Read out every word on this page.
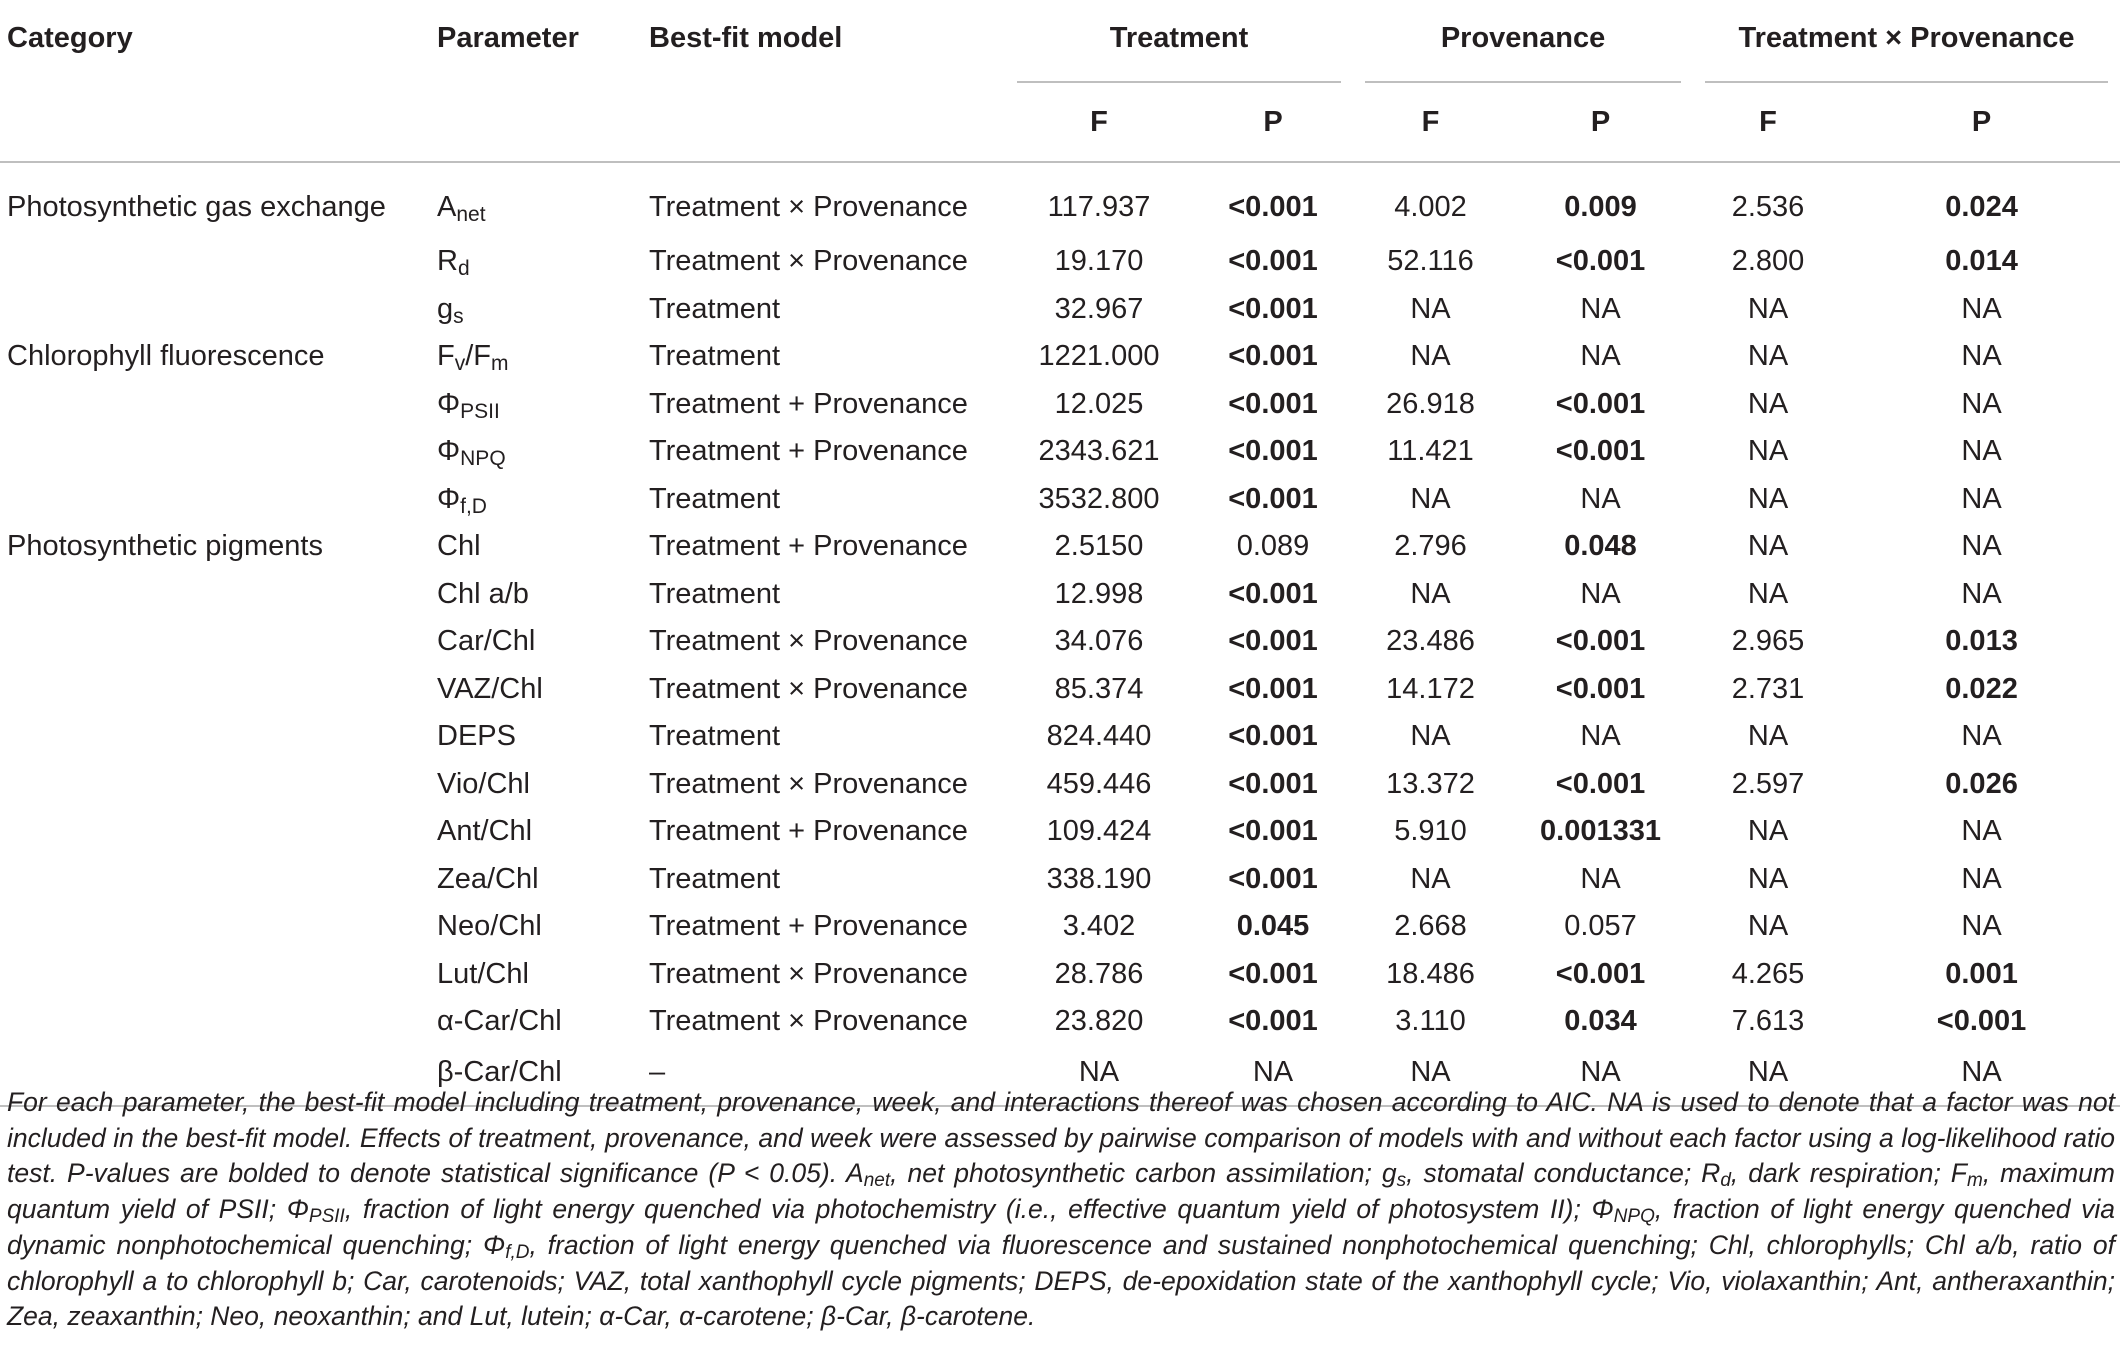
Category	Parameter	Best-fit model	Treatment		Provenance		Treatment × Provenance	

			F	P	F	P	F	P
Photosynthetic gas exchange	$A_{net}$	Treatment × Provenance	117.937	<0.001	4.002	0.009	2.536	0.024
	$R_d$	Treatment × Provenance	19.170	<0.001	52.116	<0.001	2.800	0.014
	$g_s$	Treatment	32.967	<0.001	NA	NA	NA	NA
Chlorophyll fluorescence	$F_v/F_m$	Treatment	1221.000	<0.001	NA	NA	NA	NA
	$\Phi_{PSII}$	Treatment + Provenance	12.025	<0.001	26.918	<0.001	NA	NA
	$\Phi_{NPQ}$	Treatment + Provenance	2343.621	<0.001	11.421	<0.001	NA	NA
	$\Phi_{f,D}$	Treatment	3532.800	<0.001	NA	NA	NA	NA
Photosynthetic pigments	Chl	Treatment + Provenance	2.5150	0.089	2.796	0.048	NA	NA
	Chl a/b	Treatment	12.998	<0.001	NA	NA	NA	NA
	Car/Chl	Treatment × Provenance	34.076	<0.001	23.486	<0.001	2.965	0.013
	VAZ/Chl	Treatment × Provenance	85.374	<0.001	14.172	<0.001	2.731	0.022
	DEPS	Treatment	824.440	<0.001	NA	NA	NA	NA
	Vio/Chl	Treatment × Provenance	459.446	<0.001	13.372	<0.001	2.597	0.026
	Ant/Chl	Treatment + Provenance	109.424	<0.001	5.910	0.001331	NA	NA
	Zea/Chl	Treatment	338.190	<0.001	NA	NA	NA	NA
	Neo/Chl	Treatment + Provenance	3.402	0.045	2.668	0.057	NA	NA
	Lut/Chl	Treatment × Provenance	28.786	<0.001	18.486	<0.001	4.265	0.001
	α-Car/Chl	Treatment × Provenance	23.820	<0.001	3.110	0.034	7.613	<0.001
	β-Car/Chl	–	NA	NA	NA	NA	NA	NA
For each parameter, the best-fit model including treatment, provenance, week, and interactions thereof was chosen according to AIC. NA is used to denote that a factor was not included in the best-fit model. Effects of treatment, provenance, and week were assessed by pairwise comparison of models with and without each factor using a log-likelihood ratio test. P-values are bolded to denote statistical significance (P < 0.05). $A_{net}$, net photosynthetic carbon assimilation; $g_s$, stomatal conductance; $R_d$, dark respiration; $F_m$, maximum quantum yield of PSII; $\Phi_{PSII}$, fraction of light energy quenched via photochemistry (i.e., effective quantum yield of photosystem II); $\Phi_{NPQ}$, fraction of light energy quenched via dynamic nonphotochemical quenching; $\Phi_{f,D}$, fraction of light energy quenched via fluorescence and sustained nonphotochemical quenching; Chl, chlorophylls; Chl a/b, ratio of chlorophyll a to chlorophyll b; Car, carotenoids; VAZ, total xanthophyll cycle pigments; DEPS, de-epoxidation state of the xanthophyll cycle; Vio, violaxanthin; Ant, antheraxanthin; Zea, zeaxanthin; Neo, neoxanthin; and Lut, lutein; α-Car, α-carotene; β-Car, β-carotene.
